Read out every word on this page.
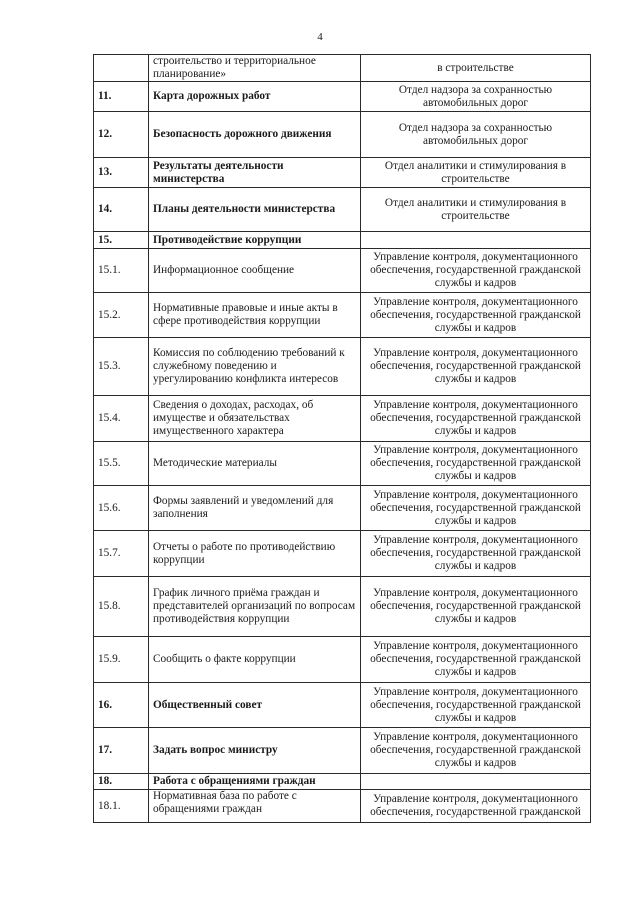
4
	строительство и территориальное планирование»	в строительстве
11.	Карта дорожных работ	Отдел надзора за сохранностью автомобильных дорог
12.	Безопасность дорожного движения	Отдел надзора за сохранностью автомобильных дорог
13.	Результаты деятельности министерства	Отдел аналитики и стимулирования в строительстве
14.	Планы деятельности министерства	Отдел аналитики и стимулирования в строительстве
15.	Противодействие коррупции	
15.1.	Информационное сообщение	Управление контроля, документационного обеспечения, государственной гражданской службы и кадров
15.2.	Нормативные правовые и иные акты в сфере противодействия коррупции	Управление контроля, документационного обеспечения, государственной гражданской службы и кадров
15.3.	Комиссия по соблюдению требований к служебному поведению и урегулированию конфликта интересов	Управление контроля, документационного обеспечения, государственной гражданской службы и кадров
15.4.	Сведения о доходах, расходах, об имуществе и обязательствах имущественного характера	Управление контроля, документационного обеспечения, государственной гражданской службы и кадров
15.5.	Методические материалы	Управление контроля, документационного обеспечения, государственной гражданской службы и кадров
15.6.	Формы заявлений и уведомлений для заполнения	Управление контроля, документационного обеспечения, государственной гражданской службы и кадров
15.7.	Отчеты о работе по противодействию коррупции	Управление контроля, документационного обеспечения, государственной гражданской службы и кадров
15.8.	График личного приёма граждан и представителей организаций по вопросам противодействия коррупции	Управление контроля, документационного обеспечения, государственной гражданской службы и кадров
15.9.	Сообщить о факте коррупции	Управление контроля, документационного обеспечения, государственной гражданской службы и кадров
16.	Общественный совет	Управление контроля, документационного обеспечения, государственной гражданской службы и кадров
17.	Задать вопрос министру	Управление контроля, документационного обеспечения, государственной гражданской службы и кадров
18.	Работа с обращениями граждан	
18.1.	Нормативная база по работе с обращениями граждан	Управление контроля, документационного обеспечения, государственной гражданской
